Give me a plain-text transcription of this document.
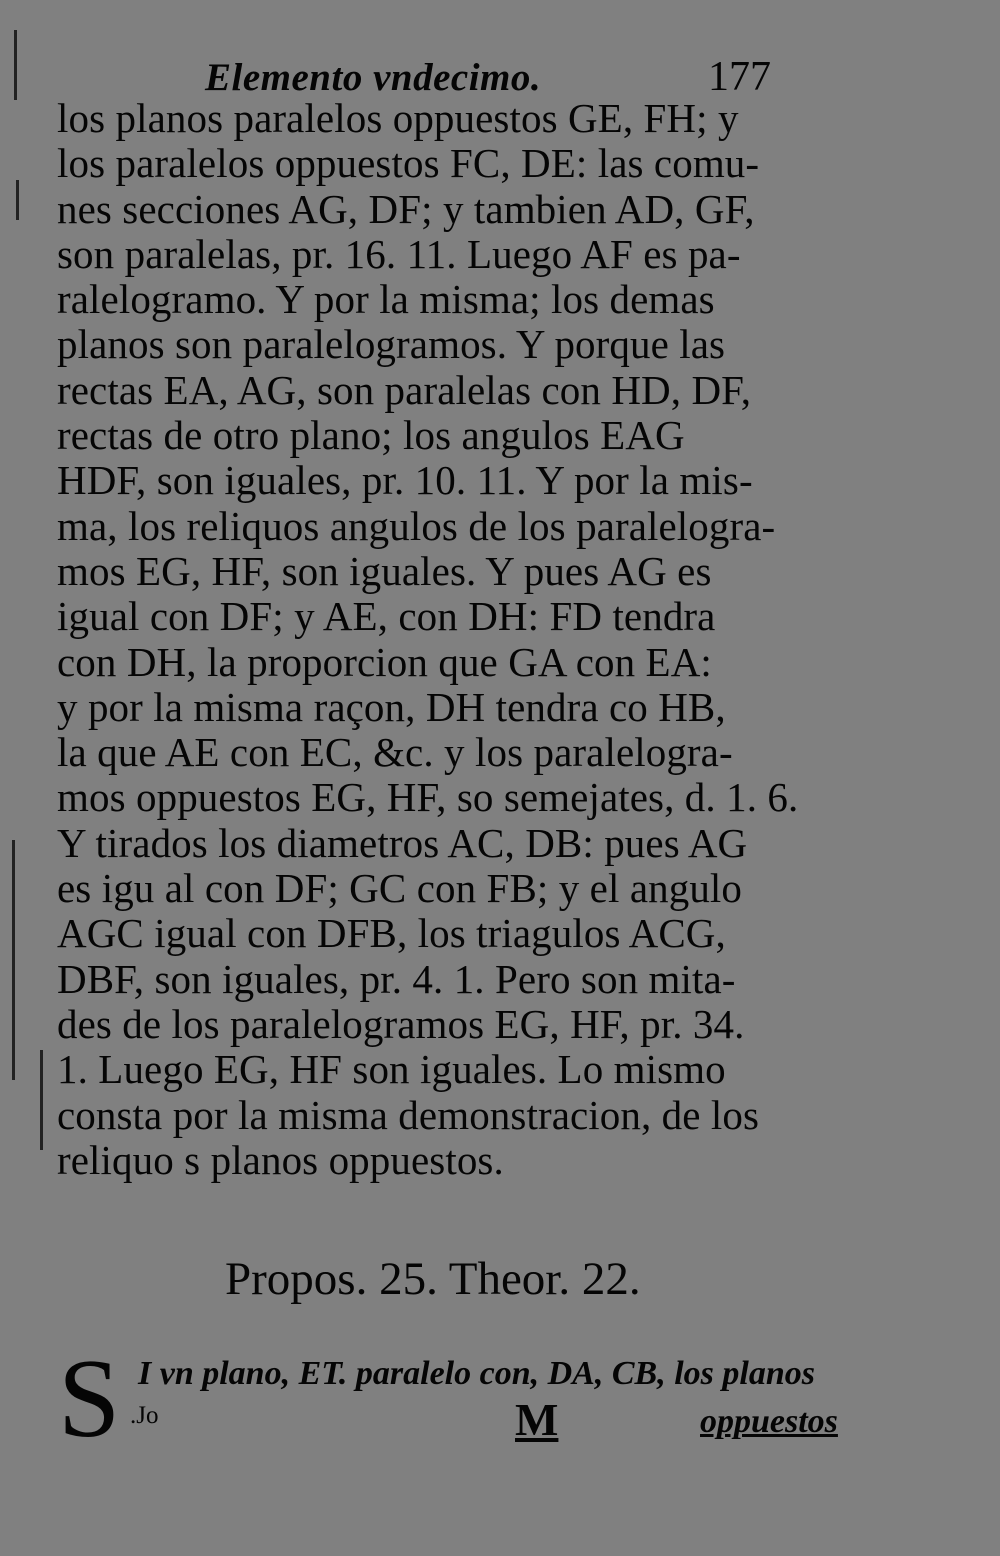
Elemento vndecimo.	177
los planos paralelos oppuestos GE, FH; y
los paralelos oppuestos FC, DE: las comu-
nes secciones AG, DF; y tambien AD, GF,
son paralelas, pr. 16. 11. Luego AF es pa-
ralelogramo. Y por la misma; los demas
planos son paralelogramos. Y porque las
rectas EA, AG, son paralelas con HD, DF,
rectas de otro plano; los angulos EAG
HDF, son iguales, pr. 10. 11. Y por la mis-
ma, los reliquos angulos de los paralelogra-
mos EG, HF, son iguales. Y pues AG es
igual con DF; y AE, con DH: FD tendra
con DH, la proporcion que GA con EA:
y por la misma raçon, DH tendra co HB,
la que AE con EC, &c. y los paralelogra-
mos oppuestos EG, HF, so semejates, d. 1. 6.
Y tirados los diametros AC, DB: pues AG
es igu al con DF; GC con FB; y el angulo
AGC igual con DFB, los triagulos ACG,
DBF, son iguales, pr. 4. 1. Pero son mita-
des de los paralelogramos EG, HF, pr. 34.
1. Luego EG, HF son iguales. Lo mismo
consta por la misma demonstracion, de los
reliquo s planos oppuestos.
Propos. 25. Theor. 22.
S I vn plano, ET. paralelo con, DA, CB, los planos
.Jo	M	oppuestos
